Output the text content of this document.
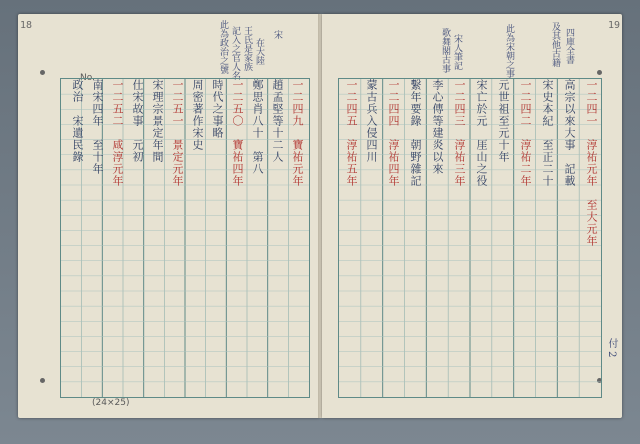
18
No.	記入之官人名 王氏是家族 在大陸
此為政治之號	宋
一二四九　寶祐元年
趙孟堅等十二人
鄭思肖八十　第八
一二五〇　寶祐四年
時代之事略
周密著作宋史
一二五一　景定元年
宋理宗景定年間
仕宋故事　元初
一二五二　咸淳元年
南宋四年　至十年
政治　宋遺民錄
(24×25)
19
付 2
歌舞閣古事 宋人筆記	此為宋朝之事	及其他古籍 四庫全書
一二四一　淳祐元年　至大元年
高宗以來大事　記載
宋史本紀　至正二十
一二四二　淳祐二年
元世祖至元十年
宋亡於元　厓山之役
一二四三　淳祐三年
李心傳等建炎以來
繫年要錄　朝野雜記
一二四四　淳祐四年
蒙古兵入侵四川
一二四五　淳祐五年
